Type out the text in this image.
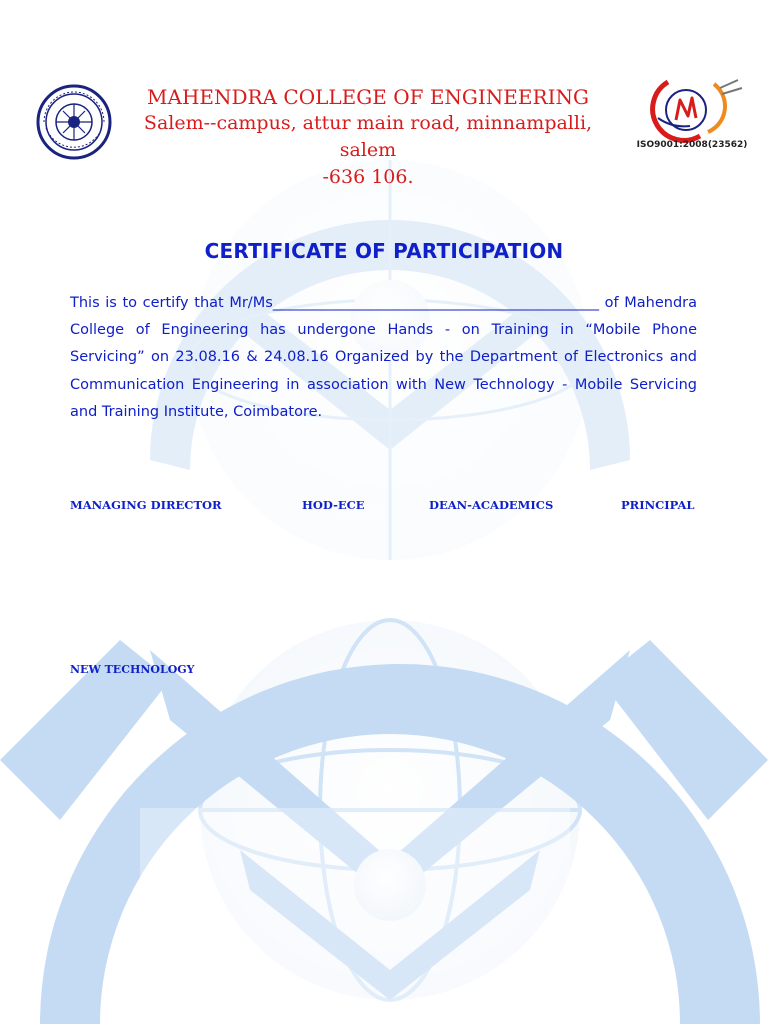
MAHENDRA COLLEGE OF ENGINEERING
Salem--campus, attur main road, minnampalli, salem
-636 106.
ISO9001:2008(23562)
CERTIFICATE OF PARTICIPATION
This is to certify that Mr/Ms_____________________________________________ of Mahendra College of Engineering has undergone Hands - on Training in “Mobile Phone Servicing” on 23.08.16 & 24.08.16 Organized by the Department of Electronics and Communication Engineering in association with New Technology - Mobile Servicing and Training Institute, Coimbatore.
MANAGING DIRECTOR	HOD-ECE	DEAN-ACADEMICS	PRINCIPAL
NEW TECHNOLOGY
